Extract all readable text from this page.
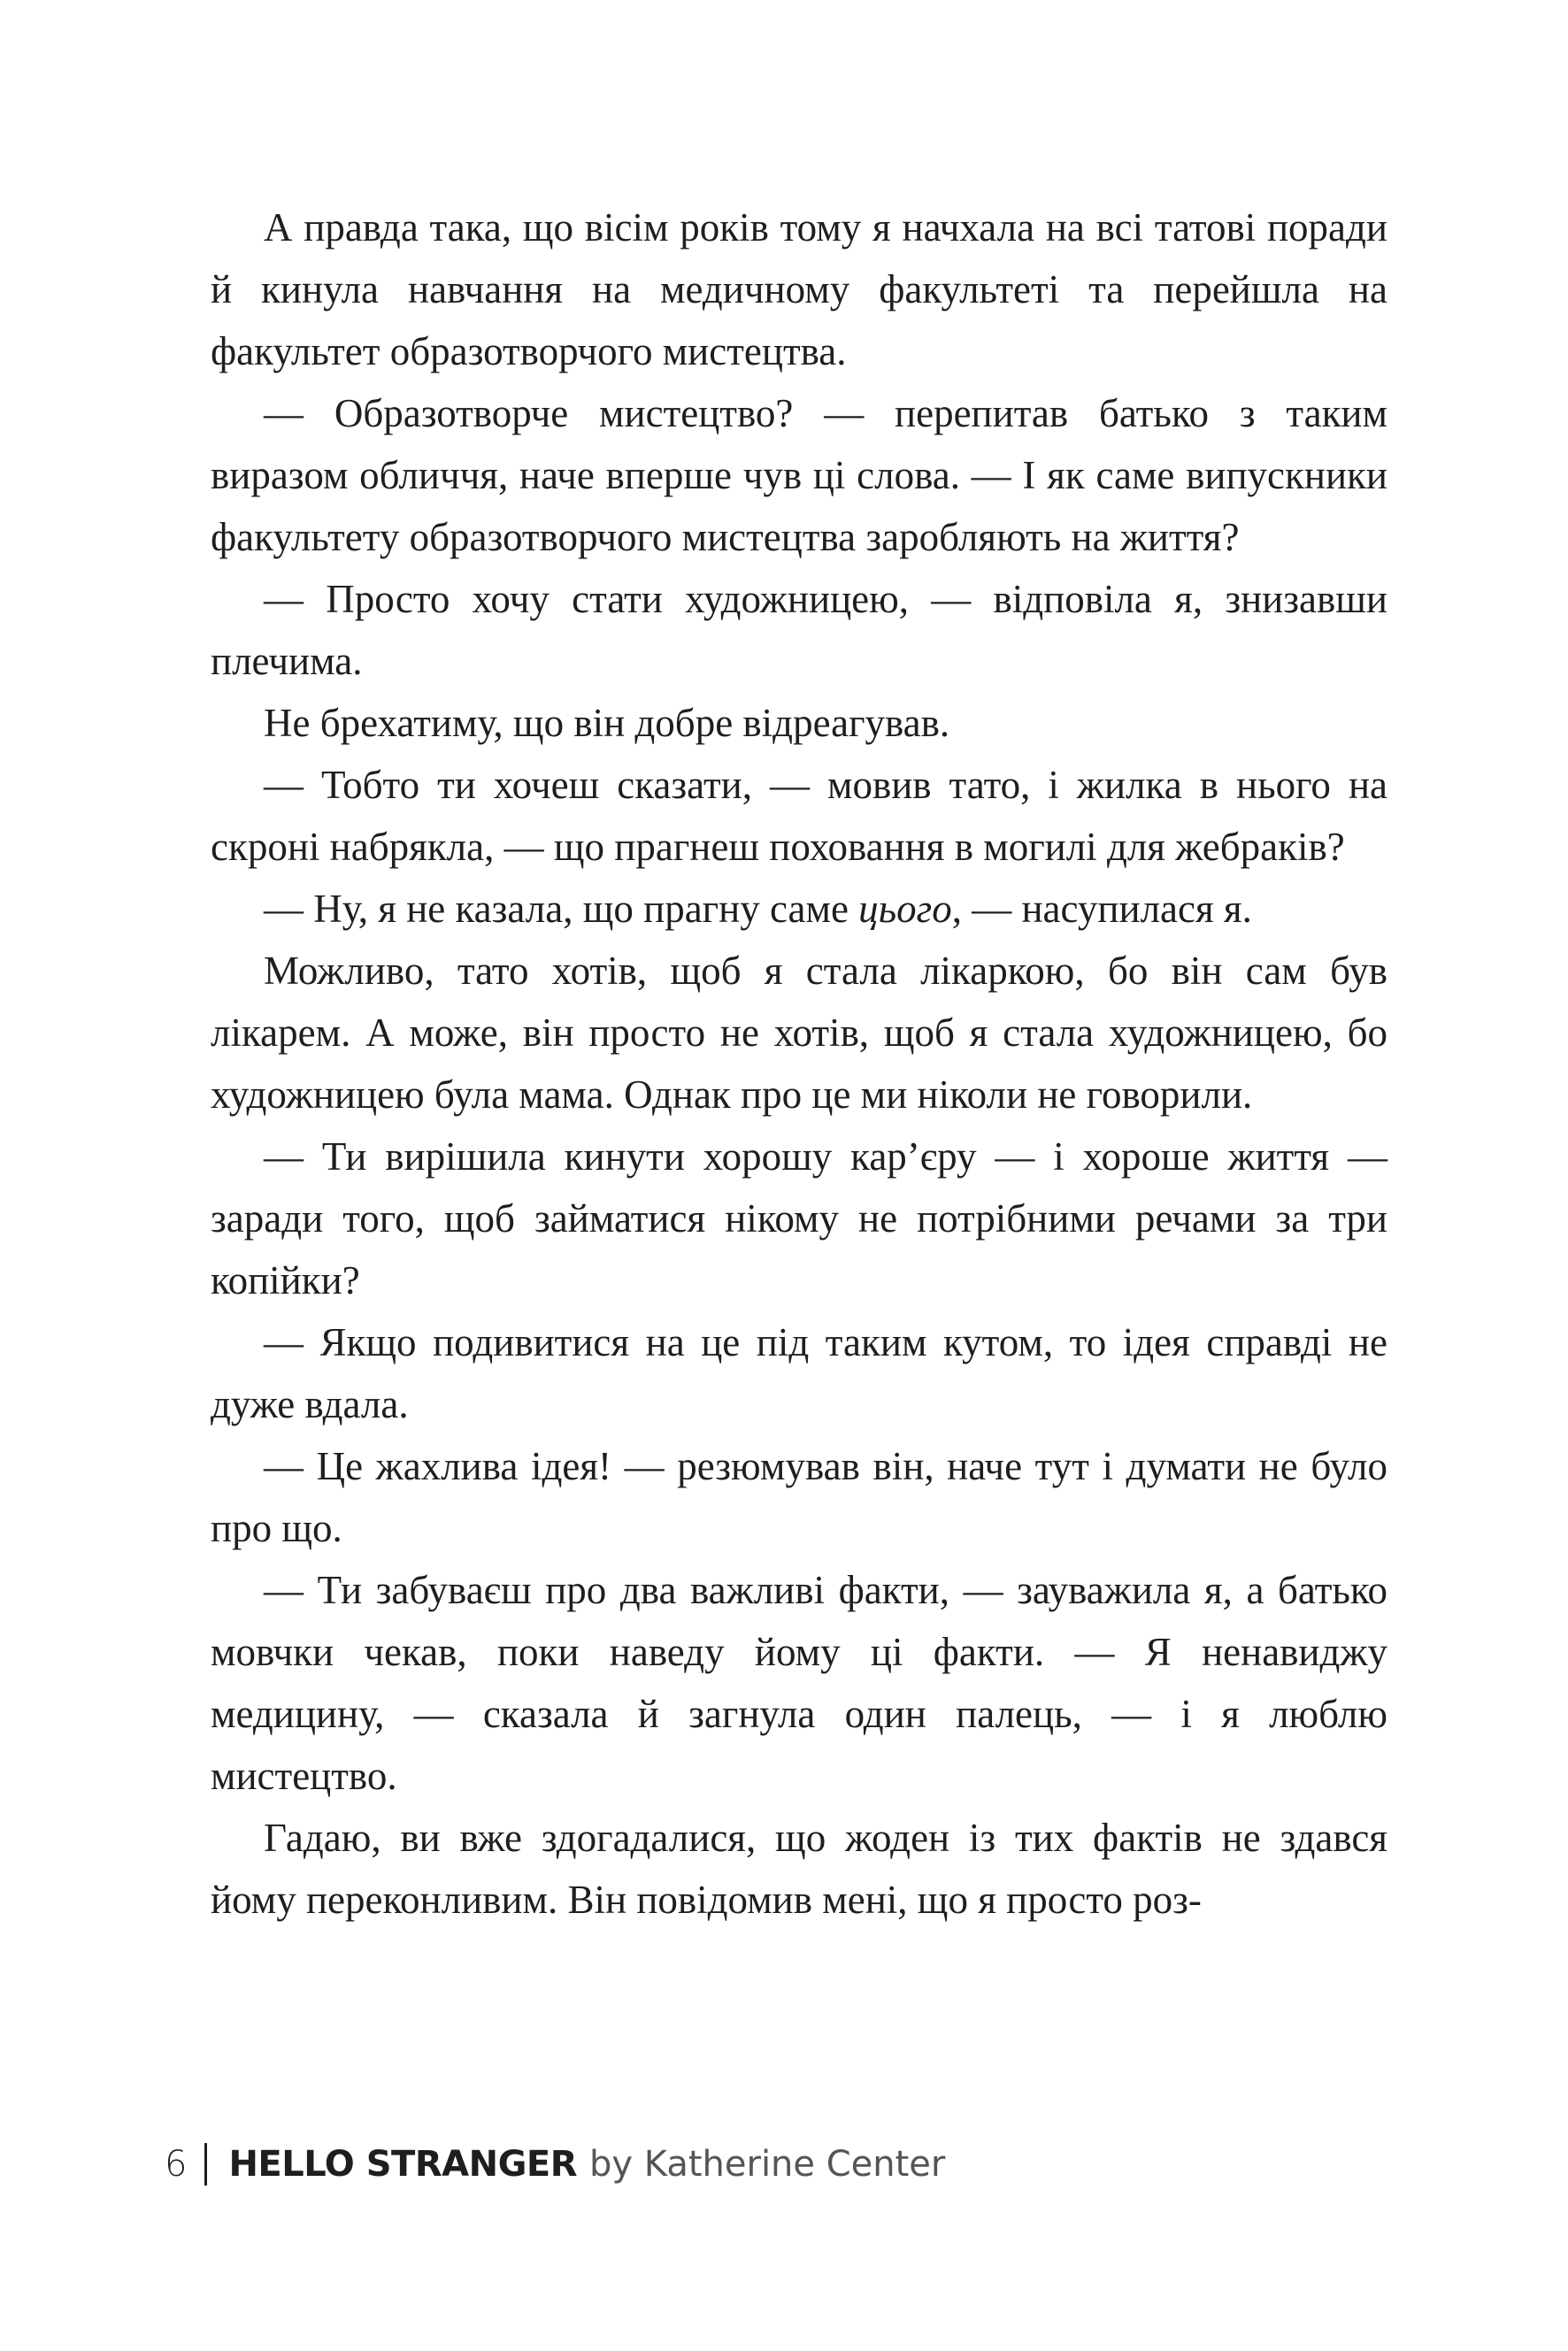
А правда така, що вісім років тому я начхала на всі татові поради й кинула навчання на медичному факультеті та перейшла на факультет образотворчого мистецтва.

— Образотворче мистецтво? — перепитав батько з таким виразом обличчя, наче вперше чув ці слова. — І як саме випускники факультету образотворчого мистецтва заробляють на життя?

— Просто хочу стати художницею, — відповіла я, знизавши плечима.

Не брехатиму, що він добре відреагував.

— Тобто ти хочеш сказати, — мовив тато, і жилка в нього на скроні набрякла, — що прагнеш поховання в могилі для жебраків?

— Ну, я не казала, що прагну саме цього, — насупилася я.

Можливо, тато хотів, щоб я стала лікаркою, бо він сам був лікарем. А може, він просто не хотів, щоб я стала художницею, бо художницею була мама. Однак про це ми ніколи не говорили.

— Ти вирішила кинути хорошу кар’єру — і хороше життя — заради того, щоб займатися нікому не потрібними речами за три копійки?

— Якщо подивитися на це під таким кутом, то ідея справді не дуже вдала.

— Це жахлива ідея! — резюмував він, наче тут і думати не було про що.

— Ти забуваєш про два важливі факти, — зауважила я, а батько мовчки чекав, поки наведу йому ці факти. — Я ненавиджу медицину, — сказала й загнула один палець, — і я люблю мистецтво.

Гадаю, ви вже здогадалися, що жоден із тих фактів не здався йому переконливим. Він повідомив мені, що я просто роз-

6 HELLO STRANGER by Katherine Center
